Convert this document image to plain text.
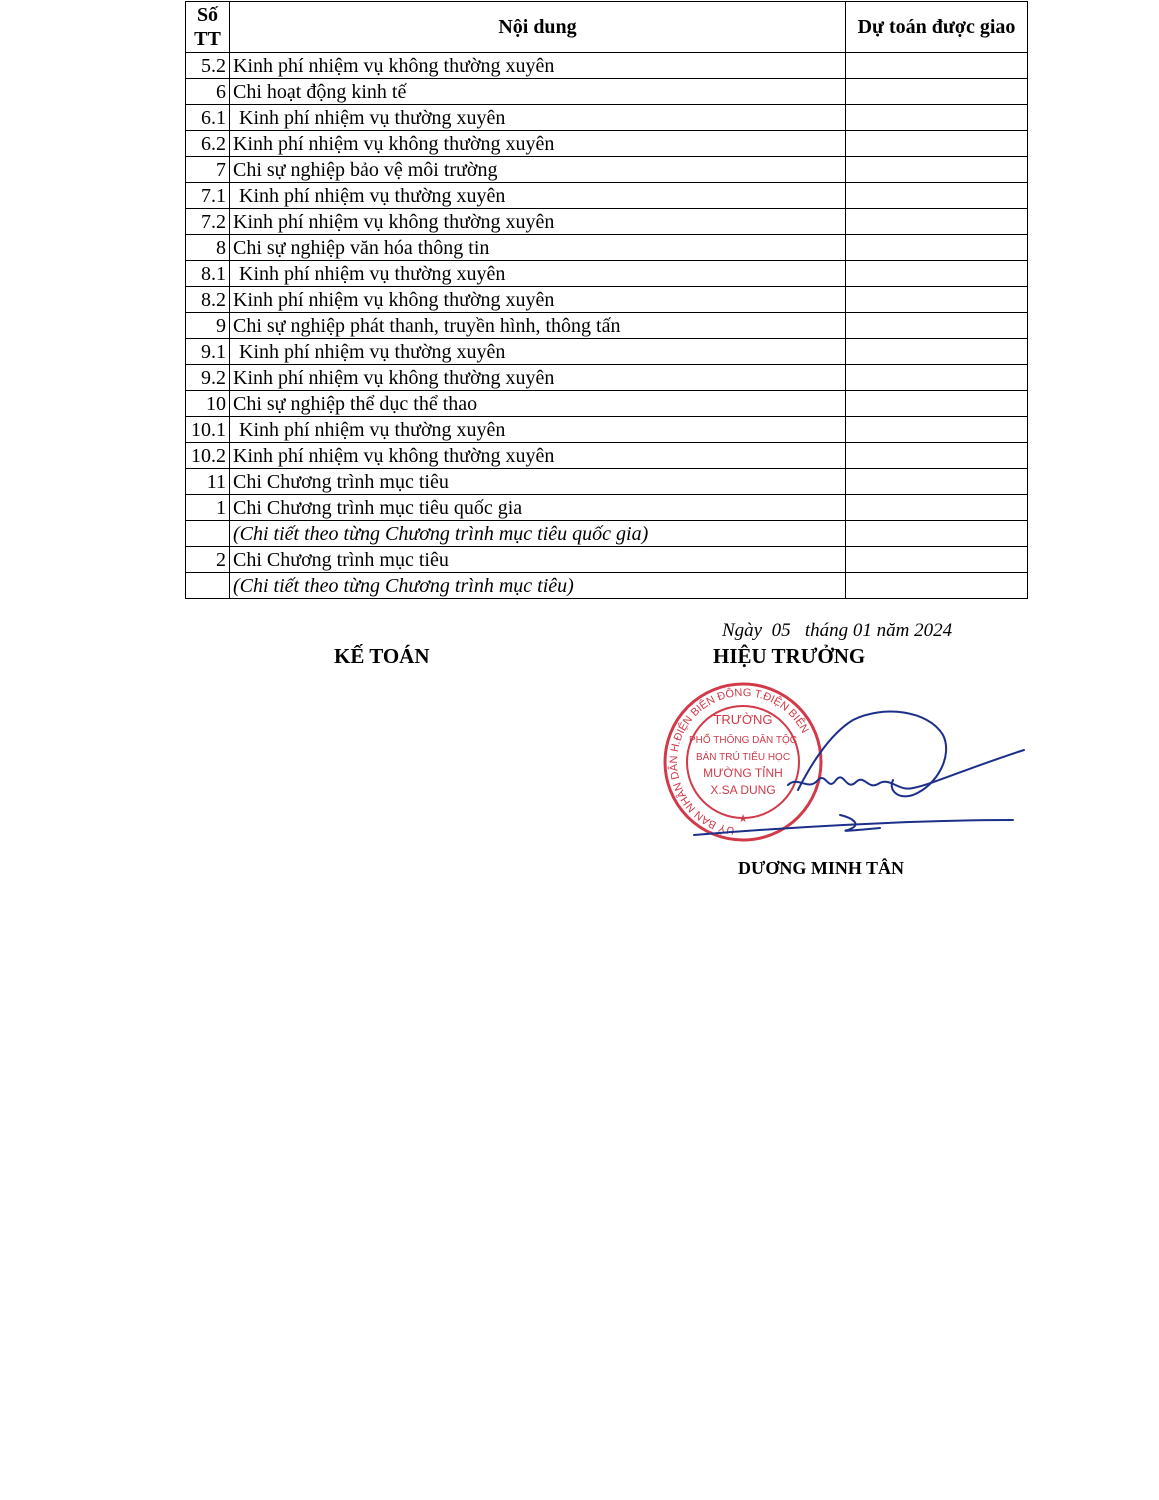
Số TT	Nội dung	Dự toán được giao
5.2	Kinh phí nhiệm vụ không thường xuyên	
6	Chi hoạt động kinh tế	
6.1	Kinh phí nhiệm vụ thường xuyên	
6.2	Kinh phí nhiệm vụ không thường xuyên	
7	Chi sự nghiệp bảo vệ môi trường	
7.1	Kinh phí nhiệm vụ thường xuyên	
7.2	Kinh phí nhiệm vụ không thường xuyên	
8	Chi sự nghiệp văn hóa thông tin	
8.1	Kinh phí nhiệm vụ thường xuyên	
8.2	Kinh phí nhiệm vụ không thường xuyên	
9	Chi sự nghiệp phát thanh, truyền hình, thông tấn	
9.1	Kinh phí nhiệm vụ thường xuyên	
9.2	Kinh phí nhiệm vụ không thường xuyên	
10	Chi sự nghiệp thể dục thể thao	
10.1	Kinh phí nhiệm vụ thường xuyên	
10.2	Kinh phí nhiệm vụ không thường xuyên	
11	Chi Chương trình mục tiêu	
1	Chi Chương trình mục tiêu quốc gia	
	(Chi tiết theo từng Chương trình mục tiêu quốc gia)	
2	Chi Chương trình mục tiêu	
	(Chi tiết theo từng Chương trình mục tiêu)	
Ngày  05   tháng 01 năm 2024
KẾ TOÁN	HIỆU TRƯỞNG
UỶ BAN NHÂN DÂN H.ĐIỆN BIÊN ĐÔNG T.ĐIỆN BIÊN
TRƯỜNG
PHỔ THÔNG DÂN TỘC
BÁN TRÚ TIỂU HỌC
MƯỜNG TỈNH
X.SA DUNG
★
DƯƠNG MINH TÂN
